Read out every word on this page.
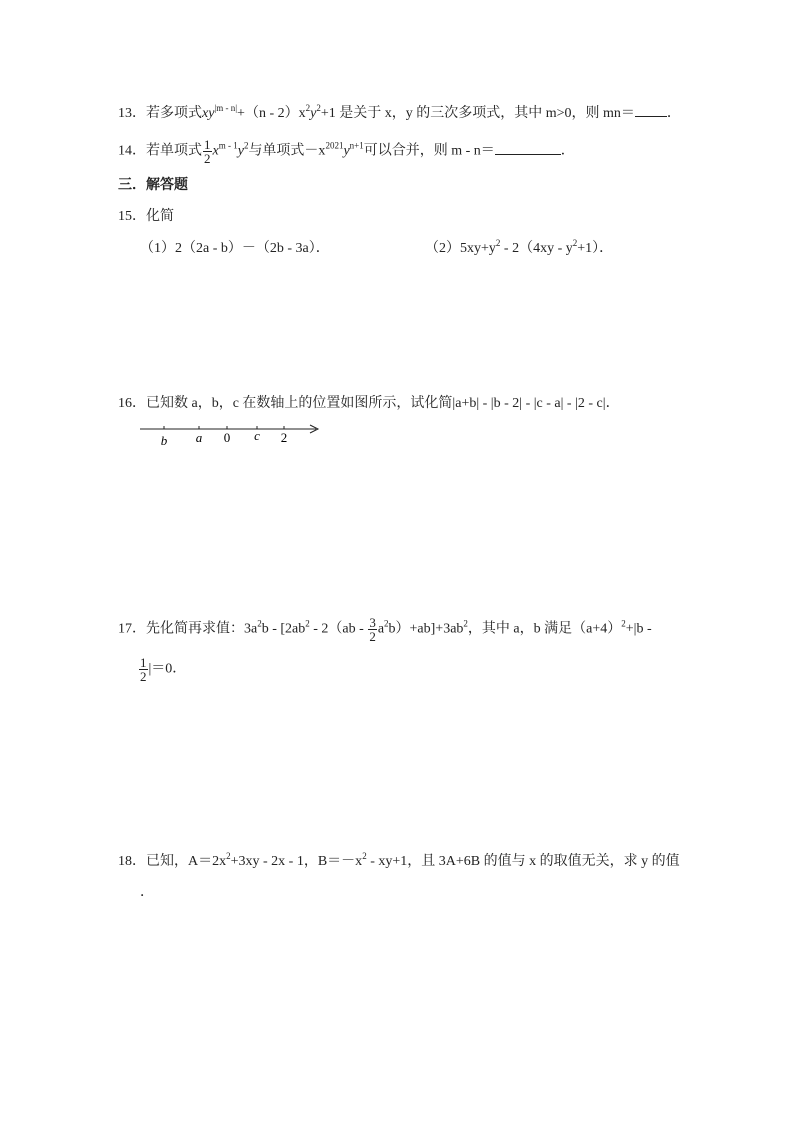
13．若多项式$xy^{|m - n|}+(n - 2)x^2y^2+1$ 是关于 x，y 的三次多项式，其中 m>0，则 mn＝ ．
14．若单项式 $\frac{1}{2} x^{m - 1}y^2$与单项式$-x^{2021}y^{n+1}$可以合并，则 m - n＝	．
三．解答题
15．化简
（1）2（2a - b）－（2b - 3a）．	$(2)5xy+y^2 - 2(4xy - y^2+1)$．
16．已知数 a，b，c 在数轴上的位置如图所示，试化简|a+b| - |b - 2| - |c - a| - |2 - c|．
b a 0 c 2
17．先化简再求值：$3a^2b - [2ab^2 - 2(ab - \frac{3}{2} a^2b)+ab]+3ab^2$，其中 a，b 满足$(a+4)^2+|b$ -
$\frac{1}{2} |=0$．
18．已知，$A=2x^2+3xy - 2x - 1$，$B=-x^2 - xy+1$，且 3A+6B 的值与 x 的取值无关，求 y 的值
．
